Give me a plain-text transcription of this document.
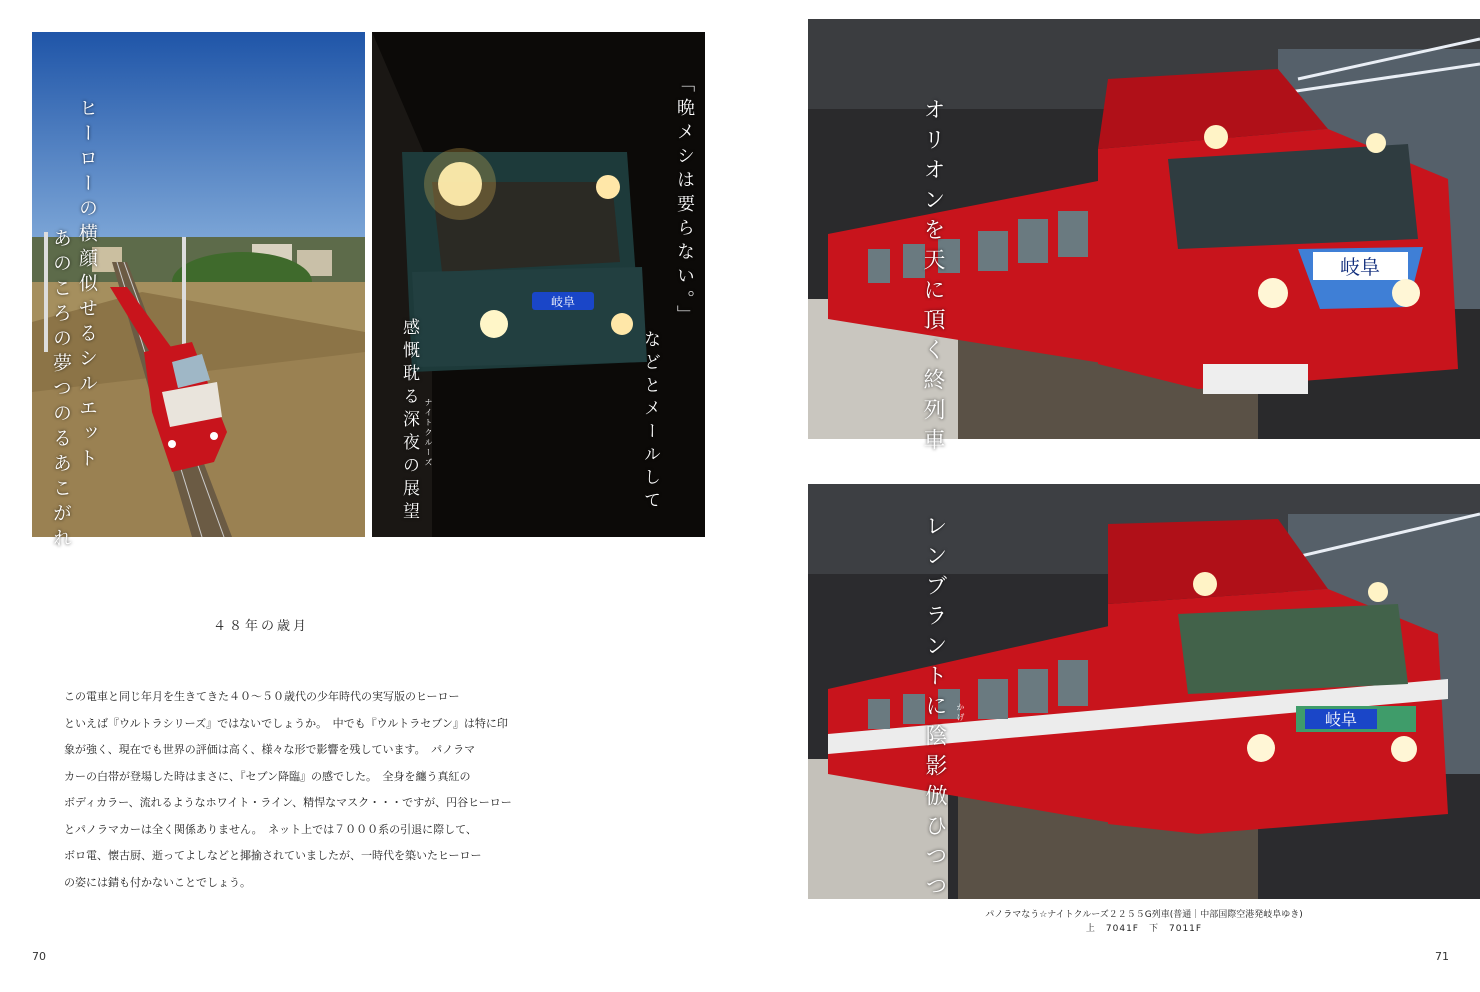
ヒーローの横顔似せるシルエット
あのころの夢つのるあこがれ	岐阜	「晩メシは要らない。」
などとメールして
感慨耽る深夜の展望 ナイトクルーズ
４８年の歳月
この電車と同じ年月を生きてきた４０～５０歳代の少年時代の実写版のヒーロー
といえば『ウルトラシリーズ』ではないでしょうか。　中でも『ウルトラセブン』は特に印
象が強く、現在でも世界の評価は高く、様々な形で影響を残しています。　パノラマ
カーの白帯が登場した時はまさに、『セブン降臨』の感でした。　全身を纏う真紅の
ボディカラー、流れるようなホワイト・ライン、精悍なマスク・・・ですが、円谷ヒーロー
とパノラマカーは全く関係ありません。　ネット上では７０００系の引退に際して、
ボロ電、懐古厨、逝ってよしなどと揶揄されていましたが、一時代を築いたヒーロー
の姿には錆も付かないことでしょう。
70
岐阜
オリオンを天に頂く終列車
岐阜
レンブラントに陰影倣ひつつ	かげ
パノラマなう☆ナイトクルーズ２２５５G列車(普通｜中部国際空港発岐阜ゆき)
上　7041F　下　7011F
71
